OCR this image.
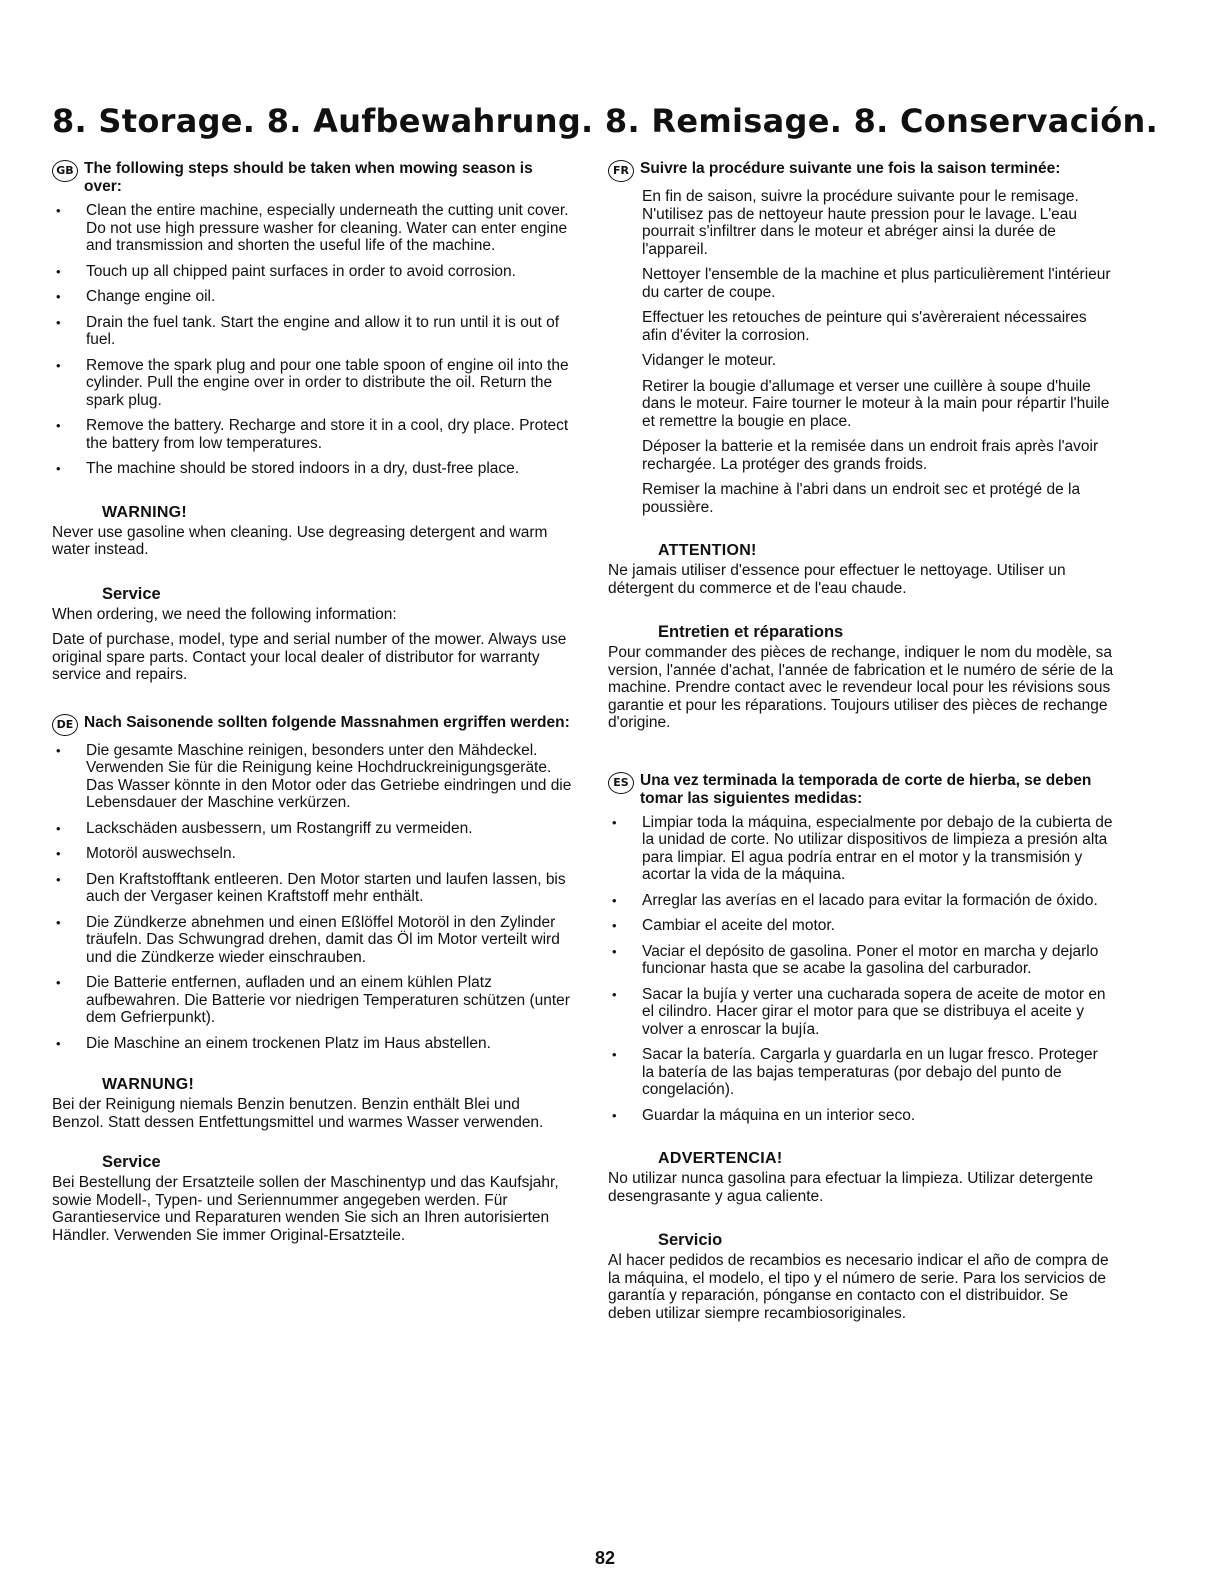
8. Storage. 8. Aufbewahrung. 8. Remisage. 8. Conservación.
GB The following steps should be taken when mowing season is over:
• Clean the entire machine, especially underneath the cutting unit cover. Do not use high pressure washer for cleaning. Water can enter engine and transmission and shorten the useful life of the machine.
• Touch up all chipped paint surfaces in order to avoid corrosion.
• Change engine oil.
• Drain the fuel tank. Start the engine and allow it to run until it is out of fuel.
• Remove the spark plug and pour one table spoon of engine oil into the cylinder. Pull the engine over in order to distribute the oil. Return the spark plug.
• Remove the battery. Recharge and store it in a cool, dry place. Protect the battery from low temperatures.
• The machine should be stored indoors in a dry, dust-free place.
WARNING!

Never use gasoline when cleaning. Use degreasing detergent and warm water instead.

Service

When ordering, we need the following information:

Date of purchase, model, type and serial number of the mower. Always use original spare parts. Contact your local dealer of distributor for warranty service and repairs.

DE Nach Saisonende sollten folgende Massnahmen ergriffen werden:
• Die gesamte Maschine reinigen, besonders unter den Mähdeckel. Verwenden Sie für die Reinigung keine Hochdruckreinigungsgeräte. Das Wasser könnte in den Motor oder das Getriebe eindringen und die Lebensdauer der Maschine verkürzen.
• Lackschäden ausbessern, um Rostangriff zu vermeiden.
• Motoröl auswechseln.
• Den Kraftstofftank entleeren. Den Motor starten und laufen lassen, bis auch der Vergaser keinen Kraftstoff mehr enthält.
• Die Zündkerze abnehmen und einen Eßlöffel Motoröl in den Zylinder träufeln. Das Schwungrad drehen, damit das Öl im Motor verteilt wird und die Zündkerze wieder einschrauben.
• Die Batterie entfernen, aufladen und an einem kühlen Platz aufbewahren. Die Batterie vor niedrigen Temperaturen schützen (unter dem Gefrierpunkt).
• Die Maschine an einem trockenen Platz im Haus abstellen.
WARNUNG!

Bei der Reinigung niemals Benzin benutzen. Benzin enthält Blei und Benzol. Statt dessen Entfettungsmittel und warmes Wasser verwenden.

Service

Bei Bestellung der Ersatzteile sollen der Maschinentyp und das Kaufsjahr, sowie Modell-, Typen- und Seriennummer angegeben werden. Für Garantieservice und Reparaturen wenden Sie sich an Ihren autorisierten Händler. Verwenden Sie immer Original-Ersatzteile.

FR Suivre la procédure suivante une fois la saison terminée:

En fin de saison, suivre la procédure suivante pour le remisage. N'utilisez pas de nettoyeur haute pression pour le lavage. L'eau pourrait s'infiltrer dans le moteur et abréger ainsi la durée de l'appareil.

Nettoyer l'ensemble de la machine et plus particulièrement l'intérieur du carter de coupe.

Effectuer les retouches de peinture qui s'avèreraient nécessaires afin d'éviter la corrosion.

Vidanger le moteur.

Retirer la bougie d'allumage et verser une cuillère à soupe d'huile dans le moteur. Faire tourner le moteur à la main pour répartir l'huile et remettre la bougie en place.

Déposer la batterie et la remisée dans un endroit frais après l'avoir rechargée. La protéger des grands froids.

Remiser la machine à l'abri dans un endroit sec et protégé de la poussière.

ATTENTION!

Ne jamais utiliser d'essence pour effectuer le nettoyage. Utiliser un détergent du commerce et de l'eau chaude.

Entretien et réparations

Pour commander des pièces de rechange, indiquer le nom du modèle, sa version, l'année d'achat, l'année de fabrication et le numéro de série de la machine. Prendre contact avec le revendeur local pour les révisions sous garantie et pour les réparations. Toujours utiliser des pièces de rechange d'origine.

ES Una vez terminada la temporada de corte de hierba, se deben tomar las siguientes medidas:
• Limpiar toda la máquina, especialmente por debajo de la cubierta de la unidad de corte. No utilizar dispositivos de limpieza a presión alta para limpiar. El agua podría entrar en el motor y la transmisión y acortar la vida de la máquina.
• Arreglar las averías en el lacado para evitar la formación de óxido.
• Cambiar el aceite del motor.
• Vaciar el depósito de gasolina. Poner el motor en marcha y dejarlo funcionar hasta que se acabe la gasolina del carburador.
• Sacar la bujía y verter una cucharada sopera de aceite de motor en el cilindro. Hacer girar el motor para que se distribuya el aceite y volver a enroscar la bujía.
• Sacar la batería. Cargarla y guardarla en un lugar fresco. Proteger la batería de las bajas temperaturas (por debajo del punto de congelación).
• Guardar la máquina en un interior seco.
ADVERTENCIA!

No utilizar nunca gasolina para efectuar la limpieza. Utilizar detergente desengrasante y agua caliente.

Servicio

Al hacer pedidos de recambios es necesario indicar el año de compra de la máquina, el modelo, el tipo y el número de serie. Para los servicios de garantía y reparación, pónganse en contacto con el distribuidor. Se deben utilizar siempre recambiosoriginales.

82
